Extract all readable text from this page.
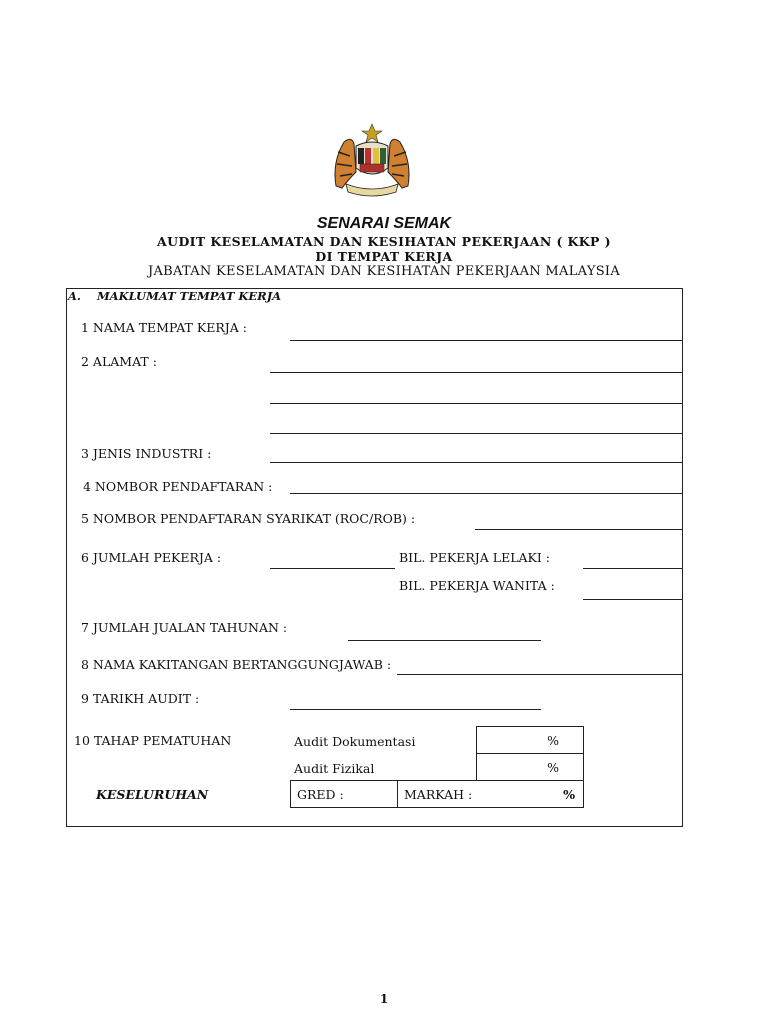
SENARAI SEMAK
AUDIT KESELAMATAN DAN KESIHATAN PEKERJAAN ( KKP )
DI TEMPAT KERJA
JABATAN KESELAMATAN DAN KESIHATAN PEKERJAAN MALAYSIA
A. MAKLUMAT TEMPAT KERJA
1 NAMA TEMPAT KERJA :
2 ALAMAT :
3 JENIS INDUSTRI :
4 NOMBOR PENDAFTARAN :
5 NOMBOR PENDAFTARAN SYARIKAT (ROC/ROB) :
6 JUMLAH PEKERJA :	BIL. PEKERJA LELAKI :
BIL. PEKERJA WANITA :
7 JUMLAH JUALAN TAHUNAN :
8 NAMA KAKITANGAN BERTANGGUNGJAWAB :
9 TARIKH AUDIT :
10 TAHAP PEMATUHAN	Audit Dokumentasi	%
Audit Fizikal	%
KESELURUHAN	GRED :	MARKAH :	%
1
